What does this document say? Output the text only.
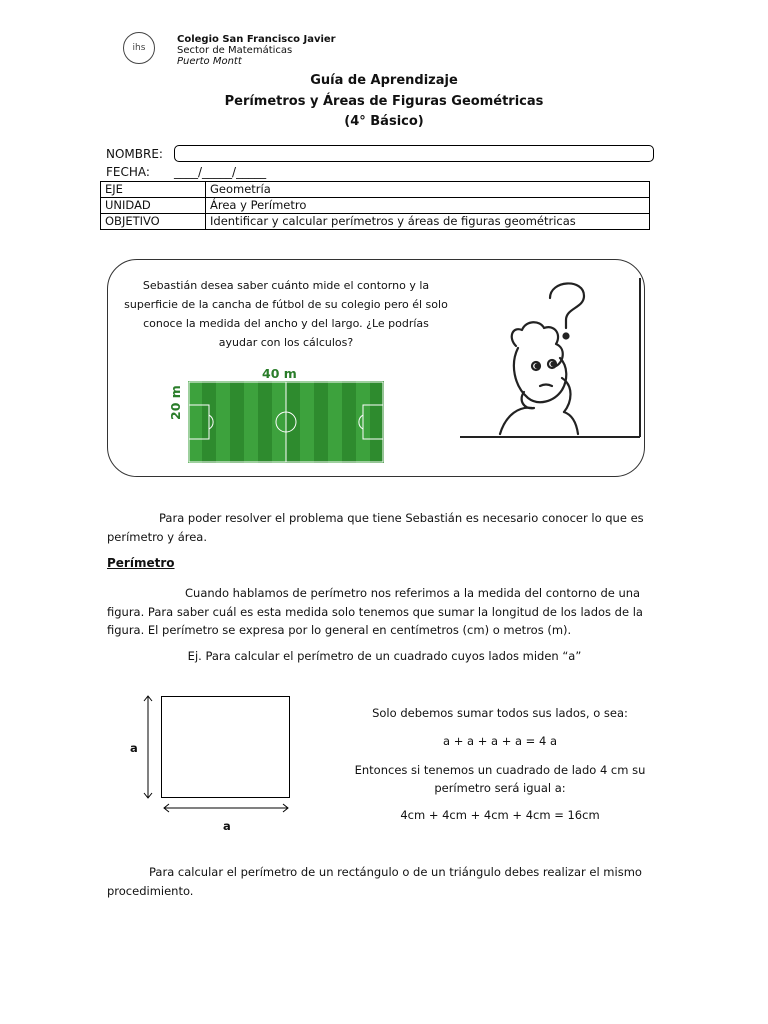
ihs
Colegio San Francisco Javier
Sector de Matemáticas
Puerto Montt
Guía de Aprendizaje
Perímetros y Áreas de Figuras Geométricas
(4° Básico)
NOMBRE:
FECHA: ____/_____/_____
EJE	Geometría
UNIDAD	Área y Perímetro
OBJETIVO	Identificar y calcular perímetros y áreas de figuras geométricas
Sebastián desea saber cuánto mide el contorno y la superficie de la cancha de fútbol de su colegio pero él solo conoce la medida del ancho y del largo. ¿Le podrías ayudar con los cálculos?
40 m
20 m
Para poder resolver el problema que tiene Sebastián es necesario conocer lo que es perímetro y área.
Perímetro
Cuando hablamos de perímetro nos referimos a la medida del contorno de una figura. Para saber cuál es esta medida solo tenemos que sumar la longitud de los lados de la figura. El perímetro se expresa por lo general en centímetros (cm) o metros (m).
Ej. Para calcular el perímetro de un cuadrado cuyos lados miden “a”
a
a
Solo debemos sumar todos sus lados, o sea:
a + a + a + a = 4 a
Entonces si tenemos un cuadrado de lado 4 cm su perímetro será igual a:
4cm + 4cm + 4cm + 4cm = 16cm
Para calcular el perímetro de un rectángulo o de un triángulo debes realizar el mismo procedimiento.
